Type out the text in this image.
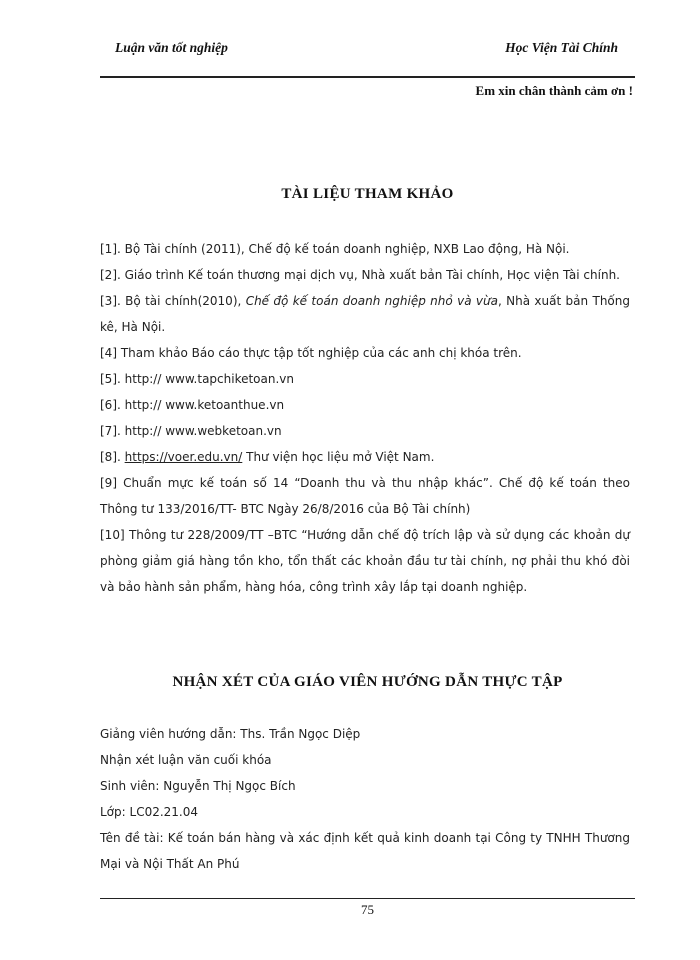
Luận văn tốt nghiệp	Học Viện Tài Chính
Em xin chân thành cảm ơn !
TÀI LIỆU THAM KHẢO
[1]. Bộ Tài chính (2011), Chế độ kế toán doanh nghiệp, NXB Lao động, Hà Nội.
[2]. Giáo trình Kế toán thương mại dịch vụ, Nhà xuất bản Tài chính, Học viện Tài chính.
[3]. Bộ tài chính(2010), Chế độ kế toán doanh nghiệp nhỏ và vừa, Nhà xuất bản Thống kê, Hà Nội.
[4] Tham khảo Báo cáo thực tập tốt nghiệp của các anh chị khóa trên.
[5]. http:// www.tapchiketoan.vn
[6]. http:// www.ketoanthue.vn
[7]. http:// www.webketoan.vn
[8]. https://voer.edu.vn/ Thư viện học liệu mở Việt Nam.
[9] Chuẩn mực kế toán số 14 “Doanh thu và thu nhập khác”. Chế độ kế toán theo Thông tư 133/2016/TT- BTC Ngày 26/8/2016 của Bộ Tài chính)
[10] Thông tư 228/2009/TT –BTC “Hướng dẫn chế độ trích lập và sử dụng các khoản dự phòng giảm giá hàng tồn kho, tổn thất các khoản đầu tư tài chính, nợ phải thu khó đòi và bảo hành sản phẩm, hàng hóa, công trình xây lắp tại doanh nghiệp.
NHẬN XÉT CỦA GIÁO VIÊN HƯỚNG DẪN THỰC TẬP
Giảng viên hướng dẫn: Ths. Trần Ngọc Diệp
Nhận xét luận văn cuối khóa
Sinh viên: Nguyễn Thị Ngọc Bích
Lớp: LC02.21.04
Tên đề tài: Kế toán bán hàng và xác định kết quả kinh doanh tại Công ty TNHH Thương Mại và Nội Thất An Phú
75
